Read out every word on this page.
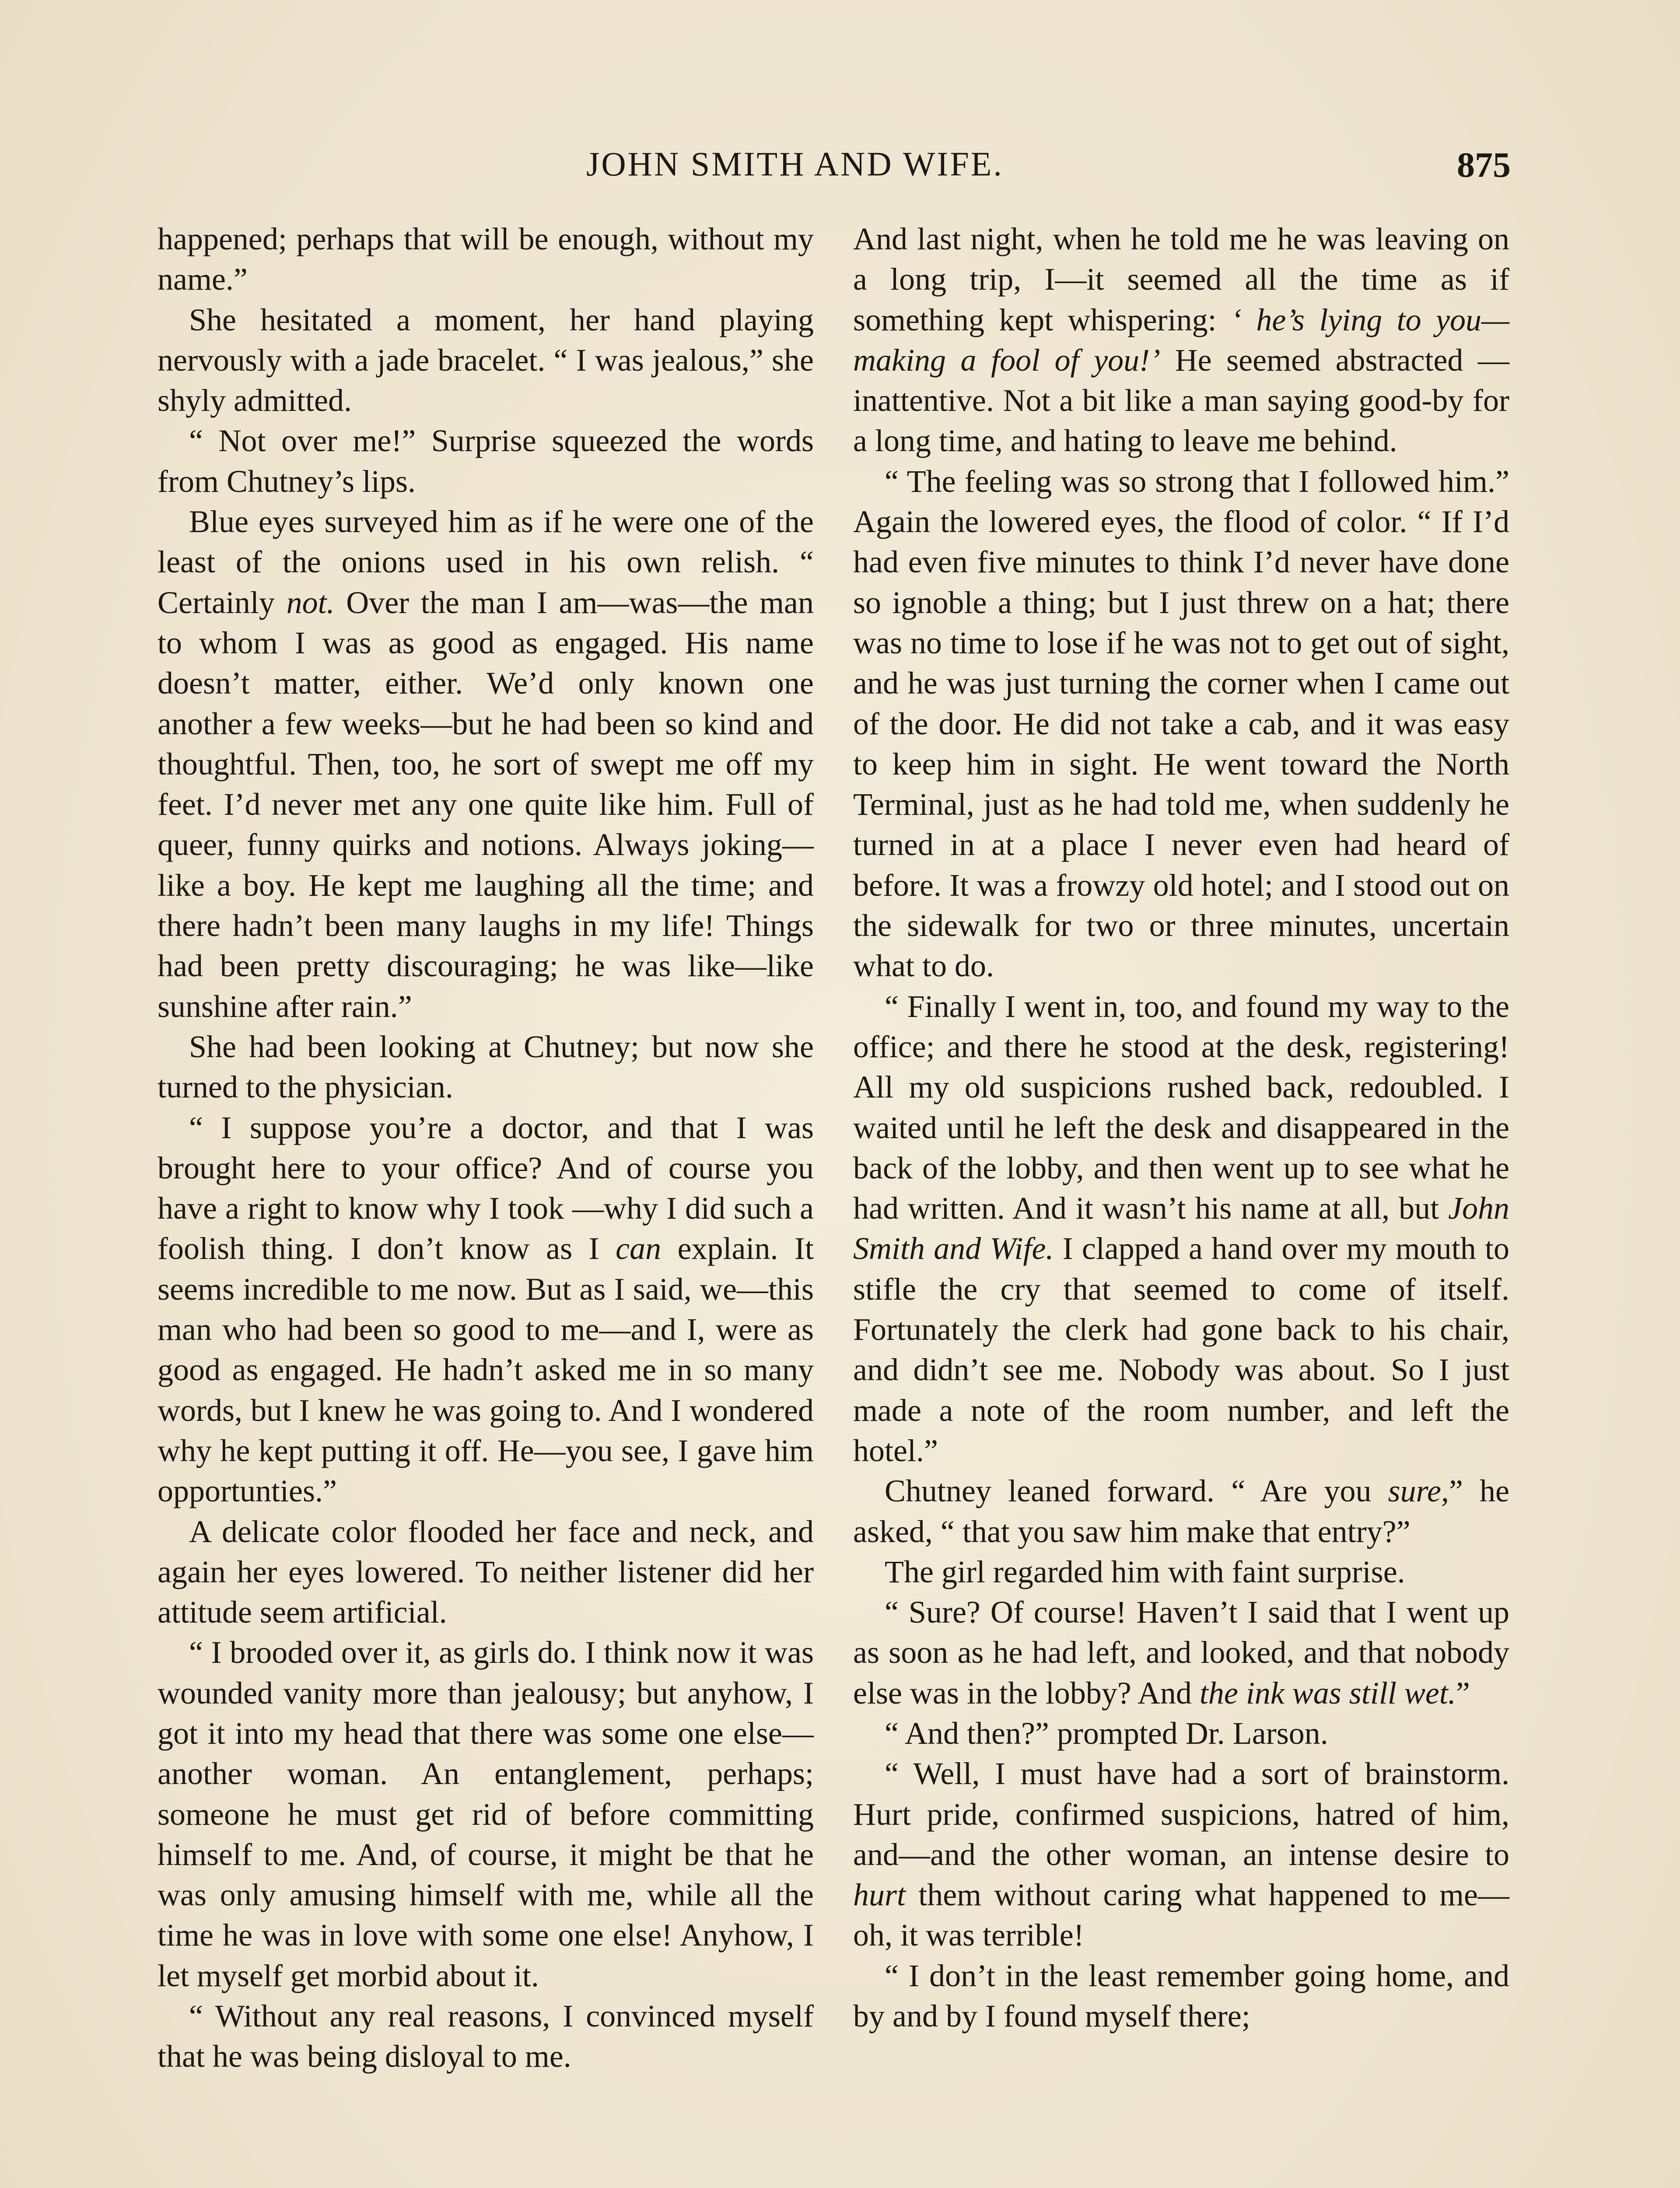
JOHN SMITH AND WIFE.	875

happened; perhaps that will be enough, without my name.”

She hesitated a moment, her hand playing nervously with a jade bracelet. “ I was jealous,” she shyly admitted.

“ Not over me!” Surprise squeezed the words from Chutney’s lips.

Blue eyes surveyed him as if he were one of the least of the onions used in his own relish. “ Certainly not. Over the man I am—was—the man to whom I was as good as engaged. His name doesn’t matter, either. We’d only known one another a few weeks—but he had been so kind and thoughtful. Then, too, he sort of swept me off my feet. I’d never met any one quite like him. Full of queer, funny quirks and notions. Always joking—like a boy. He kept me laughing all the time; and there hadn’t been many laughs in my life! Things had been pretty discouraging; he was like—like sunshine after rain.”

She had been looking at Chutney; but now she turned to the physician.

“ I suppose you’re a doctor, and that I was brought here to your office? And of course you have a right to know why I took —why I did such a foolish thing. I don’t know as I can explain. It seems incredible to me now. But as I said, we—this man who had been so good to me—and I, were as good as engaged. He hadn’t asked me in so many words, but I knew he was going to. And I wondered why he kept putting it off. He—you see, I gave him opportunties.”

A delicate color flooded her face and neck, and again her eyes lowered. To neither listener did her attitude seem artificial.

“ I brooded over it, as girls do. I think now it was wounded vanity more than jealousy; but anyhow, I got it into my head that there was some one else—another woman. An entanglement, perhaps; someone he must get rid of before committing himself to me. And, of course, it might be that he was only amusing himself with me, while all the time he was in love with some one else! Anyhow, I let myself get morbid about it.

“ Without any real reasons, I convinced myself that he was being disloyal to me.

And last night, when he told me he was leaving on a long trip, I—it seemed all the time as if something kept whispering: ‘ he’s lying to you—making a fool of you!’ He seemed abstracted — inattentive. Not a bit like a man saying good-by for a long time, and hating to leave me behind.

“ The feeling was so strong that I followed him.” Again the lowered eyes, the flood of color. “ If I’d had even five minutes to think I’d never have done so ignoble a thing; but I just threw on a hat; there was no time to lose if he was not to get out of sight, and he was just turning the corner when I came out of the door. He did not take a cab, and it was easy to keep him in sight. He went toward the North Terminal, just as he had told me, when suddenly he turned in at a place I never even had heard of before. It was a frowzy old hotel; and I stood out on the sidewalk for two or three minutes, uncertain what to do.

“ Finally I went in, too, and found my way to the office; and there he stood at the desk, registering! All my old suspicions rushed back, redoubled. I waited until he left the desk and disappeared in the back of the lobby, and then went up to see what he had written. And it wasn’t his name at all, but John Smith and Wife. I clapped a hand over my mouth to stifle the cry that seemed to come of itself. Fortunately the clerk had gone back to his chair, and didn’t see me. Nobody was about. So I just made a note of the room number, and left the hotel.”

Chutney leaned forward. “ Are you sure,” he asked, “ that you saw him make that entry?”

The girl regarded him with faint surprise.

“ Sure? Of course! Haven’t I said that I went up as soon as he had left, and looked, and that nobody else was in the lobby? And the ink was still wet.”

“ And then?” prompted Dr. Larson.

“ Well, I must have had a sort of brainstorm. Hurt pride, confirmed suspicions, hatred of him, and—and the other woman, an intense desire to hurt them without caring what happened to me—oh, it was terrible!

“ I don’t in the least remember going home, and by and by I found myself there;
